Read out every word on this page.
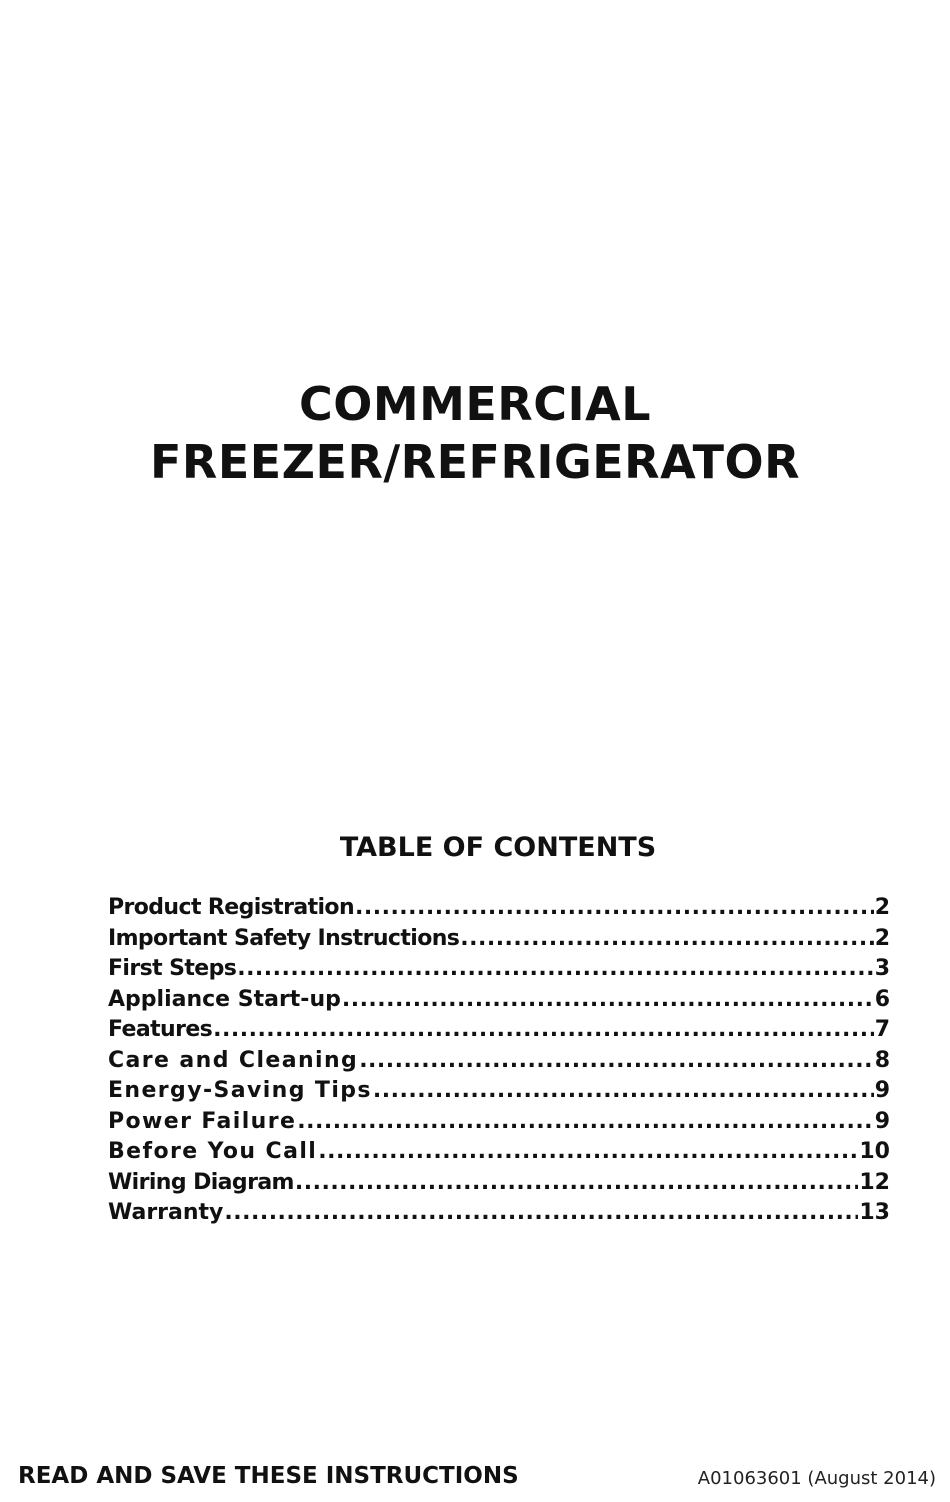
COMMERCIAL
FREEZER/REFRIGERATOR
TABLE OF CONTENTS
Product Registration .....	2
Important Safety Instructions .....	2
First Steps .....	3
Appliance Start-up .....	6
Features .....	7
Care and Cleaning .....	8
Energy-Saving Tips .....	9
Power Failure .....	9
Before You Call .....	10
Wiring Diagram .....	12
Warranty .....	13
READ AND SAVE THESE INSTRUCTIONS	A01063601 (August 2014)
